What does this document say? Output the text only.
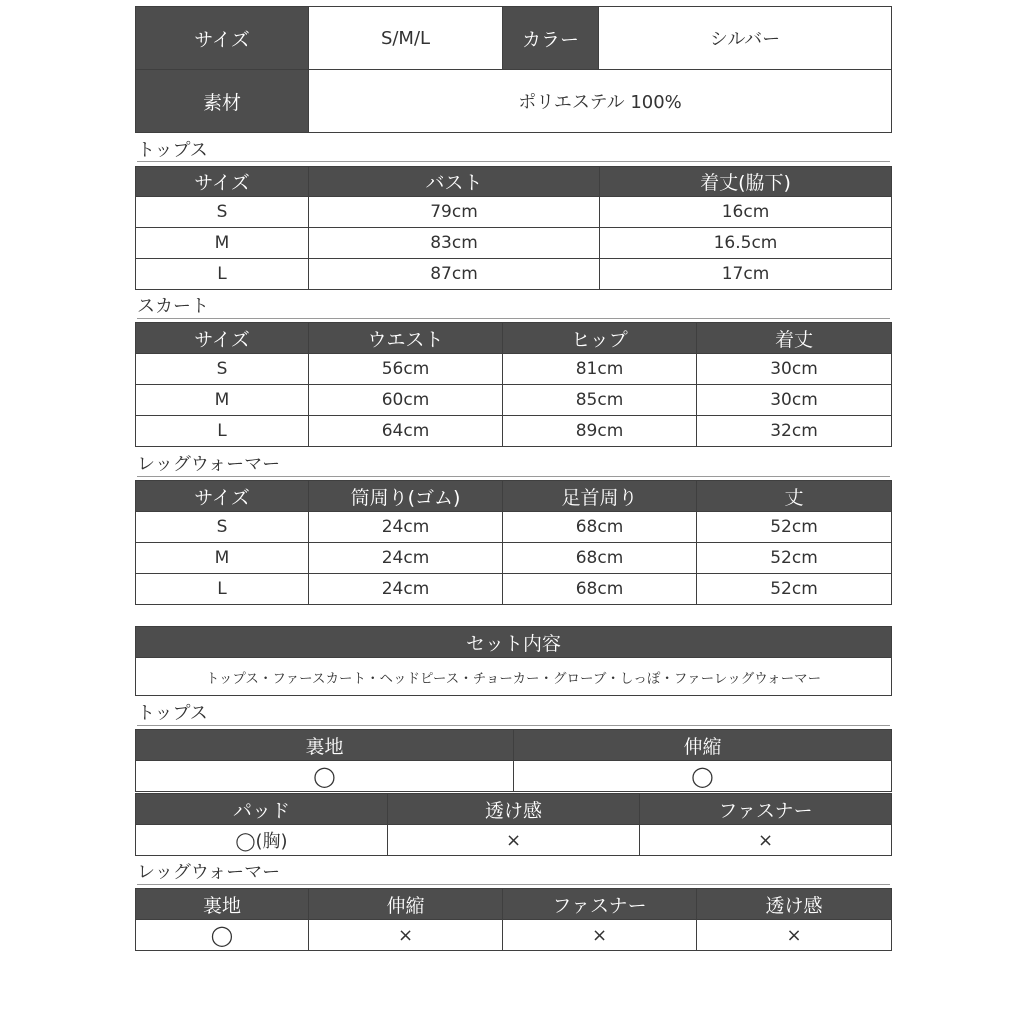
サイズ	S/M/L	カラー	シルバー
素材	ポリエステル 100%		
トップス
サイズ	バスト	着丈(脇下)
S	79cm	16cm
M	83cm	16.5cm
L	87cm	17cm
スカート
サイズ	ウエスト	ヒップ	着丈
S	56cm	81cm	30cm
M	60cm	85cm	30cm
L	64cm	89cm	32cm
レッグウォーマー
サイズ	筒周り(ゴム)	足首周り	丈
S	24cm	68cm	52cm
M	24cm	68cm	52cm
L	24cm	68cm	52cm
セット内容
トップス・ファースカート・ヘッドピース・チョーカー・グローブ・しっぽ・ファーレッグウォーマー
トップス
裏地	伸縮
◯	◯
パッド	透け感	ファスナー
◯(胸)	×	×
レッグウォーマー
裏地	伸縮	ファスナー	透け感
◯	×	×	×
